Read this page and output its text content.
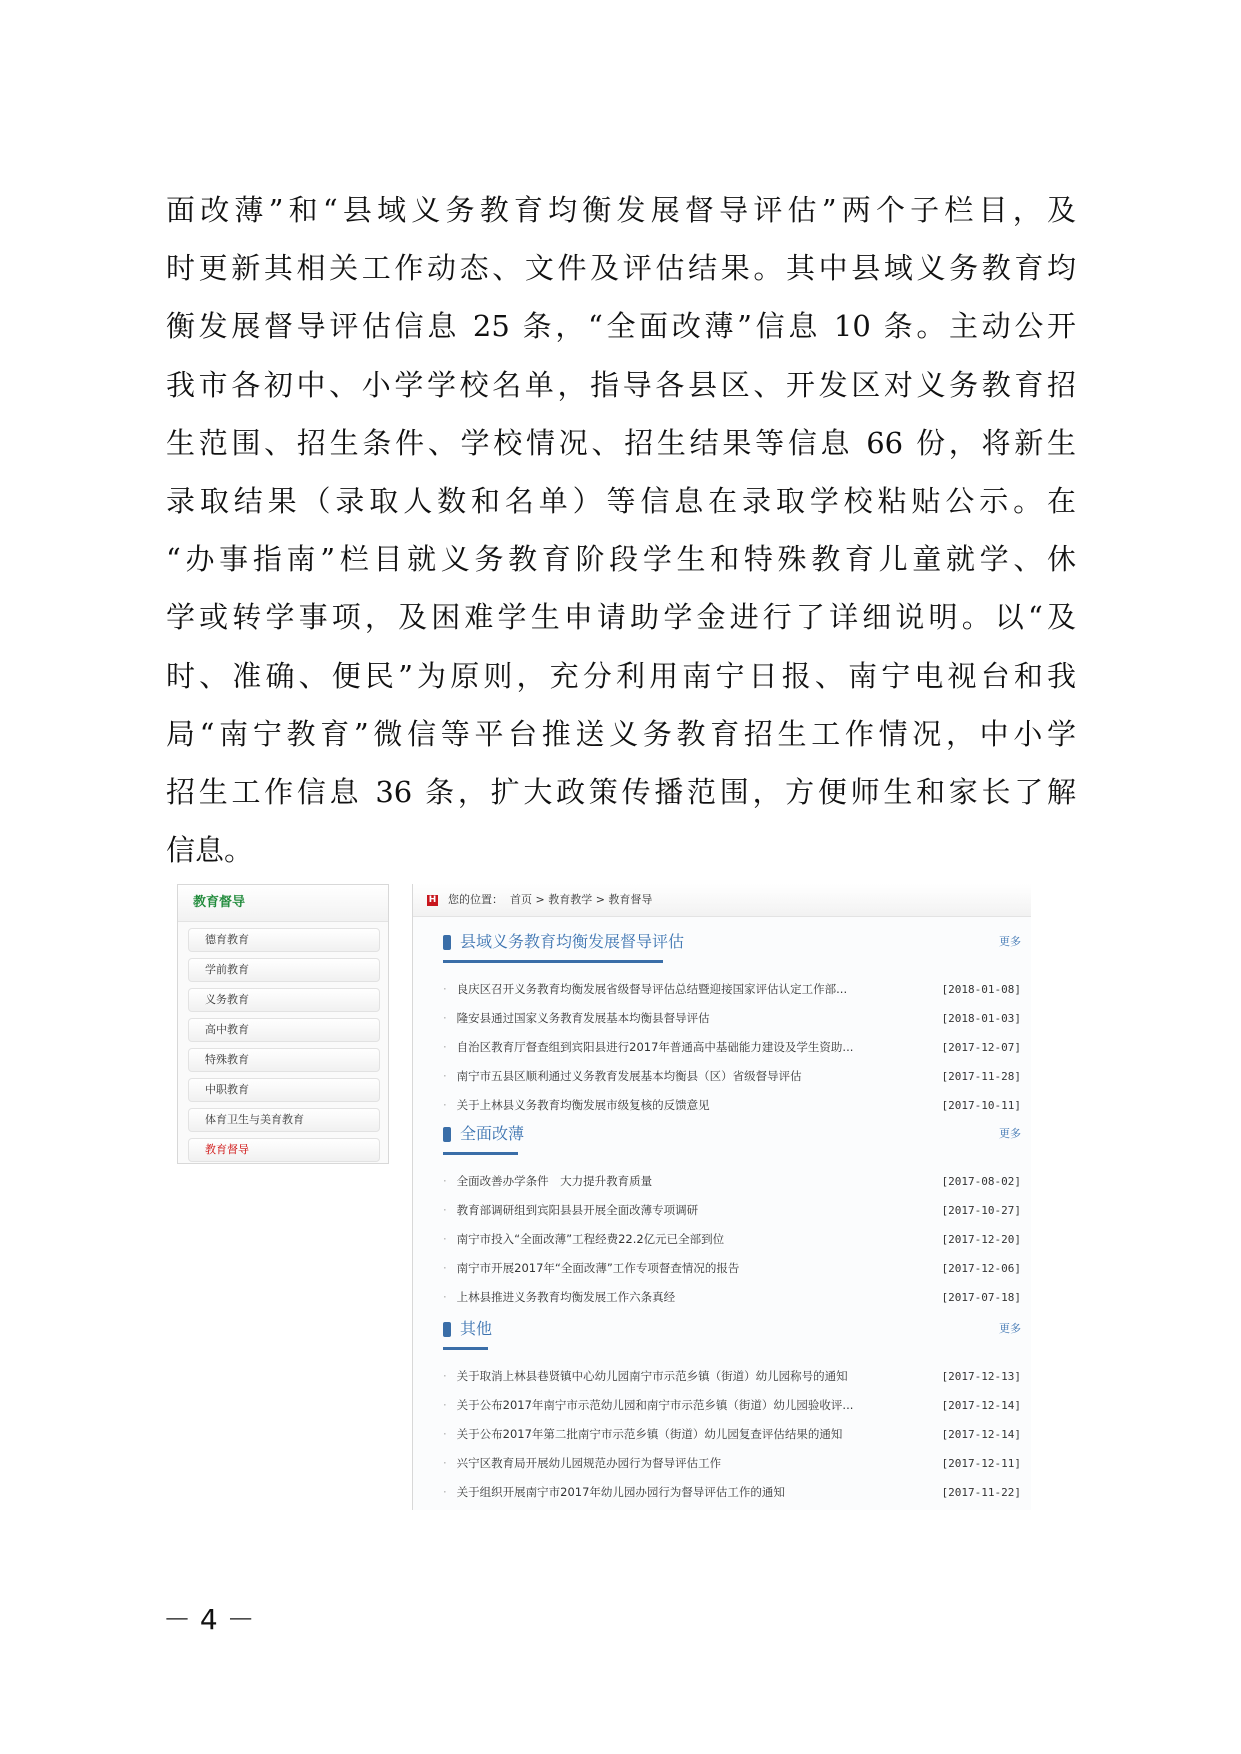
面改薄”和“县域义务教育均衡发展督导评估”两个子栏目，及
时更新其相关工作动态、文件及评估结果。其中县域义务教育均
衡发展督导评估信息 25 条，“全面改薄”信息 10 条。主动公开
我市各初中、小学学校名单，指导各县区、开发区对义务教育招
生范围、招生条件、学校情况、招生结果等信息 66 份，将新生
录取结果（录取人数和名单）等信息在录取学校粘贴公示。在
“办事指南”栏目就义务教育阶段学生和特殊教育儿童就学、休
学或转学事项，及困难学生申请助学金进行了详细说明。以“及
时、准确、便民”为原则，充分利用南宁日报、南宁电视台和我
局“南宁教育”微信等平台推送义务教育招生工作情况，中小学
招生工作信息 36 条，扩大政策传播范围，方便师生和家长了解
信息。
教育督导
德育教育
学前教育
义务教育
高中教育
特殊教育
中职教育
体育卫生与美育教育
教育督导
H 您的位置： 首页 > 教育教学 > 教育督导
县域义务教育均衡发展督导评估	更多
· 良庆区召开义务教育均衡发展省级督导评估总结暨迎接国家评估认定工作部...	[2018-01-08]
· 隆安县通过国家义务教育发展基本均衡县督导评估	[2018-01-03]
· 自治区教育厅督查组到宾阳县进行2017年普通高中基础能力建设及学生资助...	[2017-12-07]
· 南宁市五县区顺利通过义务教育发展基本均衡县（区）省级督导评估	[2017-11-28]
· 关于上林县义务教育均衡发展市级复核的反馈意见	[2017-10-11]
全面改薄	更多
· 全面改善办学条件　大力提升教育质量	[2017-08-02]
· 教育部调研组到宾阳县县开展全面改薄专项调研	[2017-10-27]
· 南宁市投入“全面改薄”工程经费22.2亿元已全部到位	[2017-12-20]
· 南宁市开展2017年“全面改薄”工作专项督查情况的报告	[2017-12-06]
· 上林县推进义务教育均衡发展工作六条真经	[2017-07-18]
其他	更多
· 关于取消上林县巷贤镇中心幼儿园南宁市示范乡镇（街道）幼儿园称号的通知	[2017-12-13]
· 关于公布2017年南宁市示范幼儿园和南宁市示范乡镇（街道）幼儿园验收评...	[2017-12-14]
· 关于公布2017年第二批南宁市示范乡镇（街道）幼儿园复查评估结果的通知	[2017-12-14]
· 兴宁区教育局开展幼儿园规范办园行为督导评估工作	[2017-12-11]
· 关于组织开展南宁市2017年幼儿园办园行为督导评估工作的通知	[2017-11-22]
－ 4 －
